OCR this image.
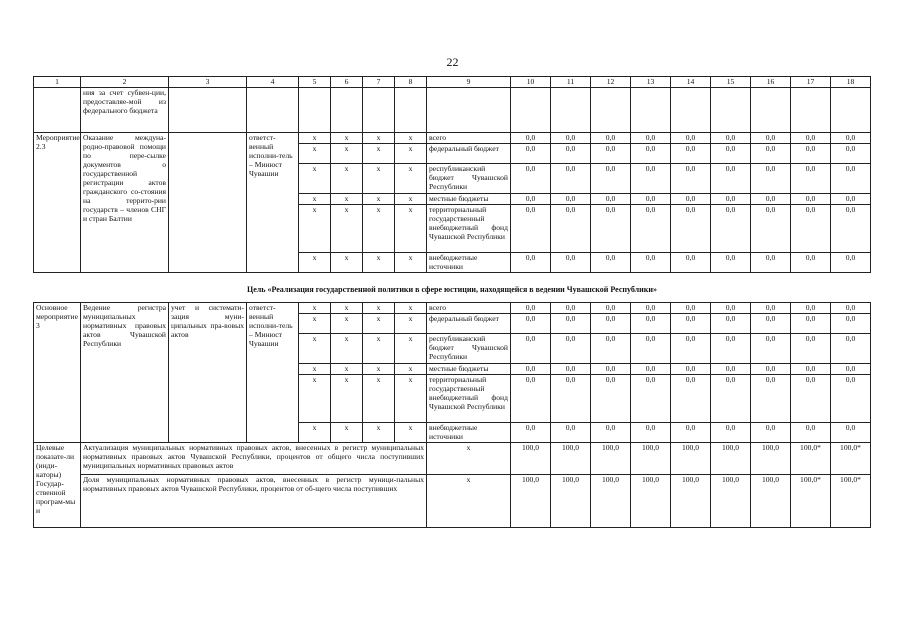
22
1	2	3	4	5	6	7	8	9	10	11	12	13	14	15	16	17	18
	ния за счет субвен-ции, предоставляе-мой из федерального бюджета																
Мероприятие 2.3	Оказание междуна-родно-правовой помощи по пере-сылке документов о государственной регистрации актов гражданского со-стояния на террито-рии государств – членов СНГ и стран Балтии		ответст-венный исполни-тель – Минюст Чувашии	x	x	x	x	всего	0,0	0,0	0,0	0,0	0,0	0,0	0,0	0,0	0,0
				x	x	x	x	федеральный бюджет	0,0	0,0	0,0	0,0	0,0	0,0	0,0	0,0	0,0
				x	x	x	x	республиканский бюджет Чувашской Республики	0,0	0,0	0,0	0,0	0,0	0,0	0,0	0,0	0,0
				x	x	x	x	местные бюджеты	0,0	0,0	0,0	0,0	0,0	0,0	0,0	0,0	0,0
				x	x	x	x	территориальный государственный внебюджетный фонд Чувашской Республики	0,0	0,0	0,0	0,0	0,0	0,0	0,0	0,0	0,0
				x	x	x	x	внебюджетные источники	0,0	0,0	0,0	0,0	0,0	0,0	0,0	0,0	0,0
Цель «Реализация государственной политики в сфере юстиции, находящейся в ведении Чувашской Республики»																	
Основное мероприятие 3	Ведение регистра муниципальных нормативных правовых актов Чувашской Республики	учет и системати-зация муни-ципальных пра-вовых актов	ответст-венный исполни-тель – Минюст Чувашии	x	x	x	x	всего	0,0	0,0	0,0	0,0	0,0	0,0	0,0	0,0	0,0
				x	x	x	x	федеральный бюджет	0,0	0,0	0,0	0,0	0,0	0,0	0,0	0,0	0,0
				x	x	x	x	республиканский бюджет Чувашской Республики	0,0	0,0	0,0	0,0	0,0	0,0	0,0	0,0	0,0
				x	x	x	x	местные бюджеты	0,0	0,0	0,0	0,0	0,0	0,0	0,0	0,0	0,0
				x	x	x	x	территориальный государственный внебюджетный фонд Чувашской Республики	0,0	0,0	0,0	0,0	0,0	0,0	0,0	0,0	0,0
				x	x	x	x	внебюджетные источники	0,0	0,0	0,0	0,0	0,0	0,0	0,0	0,0	0,0
Целевые показате-ли (инди-каторы) Государ-ственной програм-мы и	Актуализация муниципальных нормативных правовых актов, внесенных в регистр муниципальных нормативных правовых актов Чувашской Республики, процентов от общего числа поступивших муниципальных нормативных правовых актов							x	100,0	100,0	100,0	100,0	100,0	100,0	100,0	100,0*	100,0*
	Доля муниципальных нормативных правовых актов, внесенных в регистр муници-пальных нормативных правовых актов Чувашской Республики, процентов от об-щего числа поступивших							x	100,0	100,0	100,0	100,0	100,0	100,0	100,0	100,0*	100,0*
